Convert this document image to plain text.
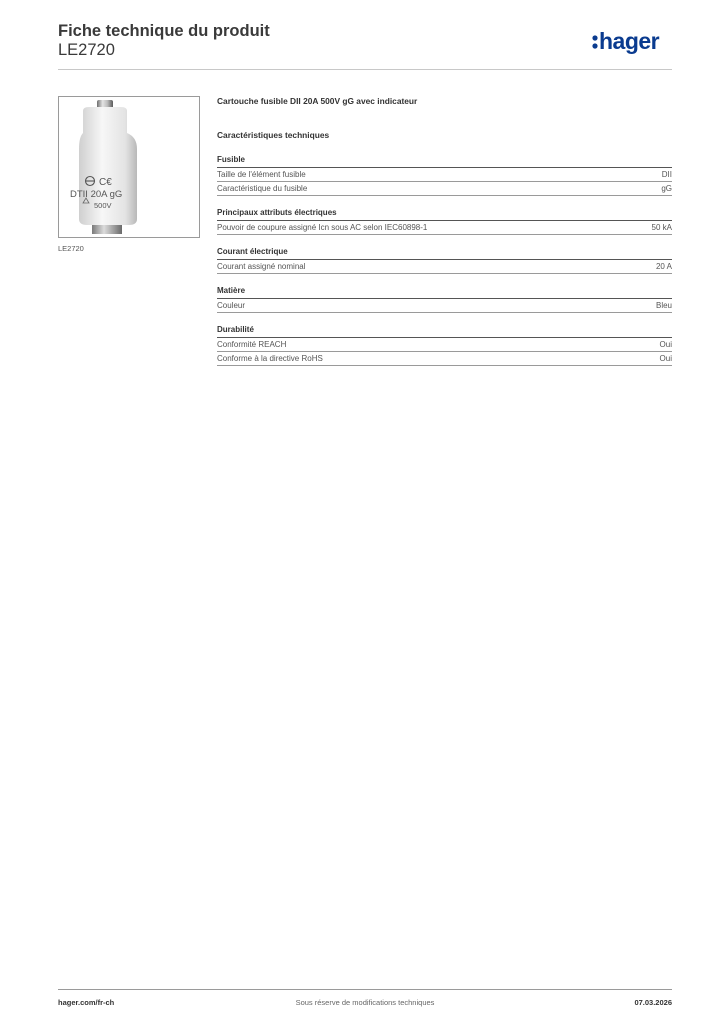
Fiche technique du produit
LE2720	hager
C€
DTII 20A gG
500V
LE2720
Cartouche fusible DII 20A 500V gG avec indicateur
Caractéristiques techniques
Fusible
Taille de l'élément fusible	DII
Caractéristique du fusible	gG
Principaux attributs électriques
Pouvoir de coupure assigné Icn sous AC selon IEC60898-1	50 kA
Courant électrique
Courant assigné nominal	20 A
Matière
Couleur	Bleu
Durabilité
Conformité REACH	Oui
Conforme à la directive RoHS	Oui
hager.com/fr-ch	Sous réserve de modifications techniques	07.03.2026
